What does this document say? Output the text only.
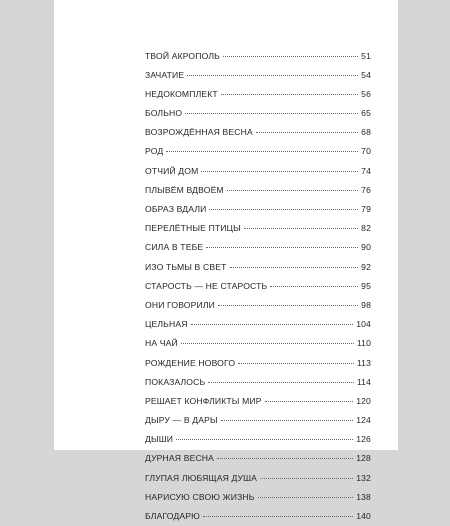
ТВОЙ АКРОПОЛЬ	51
ЗАЧАТИЕ	54
НЕДОКОМПЛЕКТ	56
БОЛЬНО	65
ВОЗРОЖДЁННАЯ ВЕСНА	68
РОД	70
ОТЧИЙ ДОМ	74
ПЛЫВЁМ ВДВОЁМ	76
ОБРАЗ ВДАЛИ	79
ПЕРЕЛЁТНЫЕ ПТИЦЫ	82
СИЛА В ТЕБЕ	90
ИЗО ТЬМЫ В СВЕТ	92
СТАРОСТЬ — НЕ СТАРОСТЬ	95
ОНИ ГОВОРИЛИ	98
ЦЕЛЬНАЯ	104
НА ЧАЙ	110
РОЖДЕНИЕ НОВОГО	113
ПОКАЗАЛОСЬ	114
РЕШАЕТ КОНФЛИКТЫ МИР	120
ДЫРУ — В ДАРЫ	124
ДЫШИ	126
ДУРНАЯ ВЕСНА	128
ГЛУПАЯ ЛЮБЯЩАЯ ДУША	132
НАРИСУЮ СВОЮ ЖИЗНЬ	138
БЛАГОДАРЮ	140
